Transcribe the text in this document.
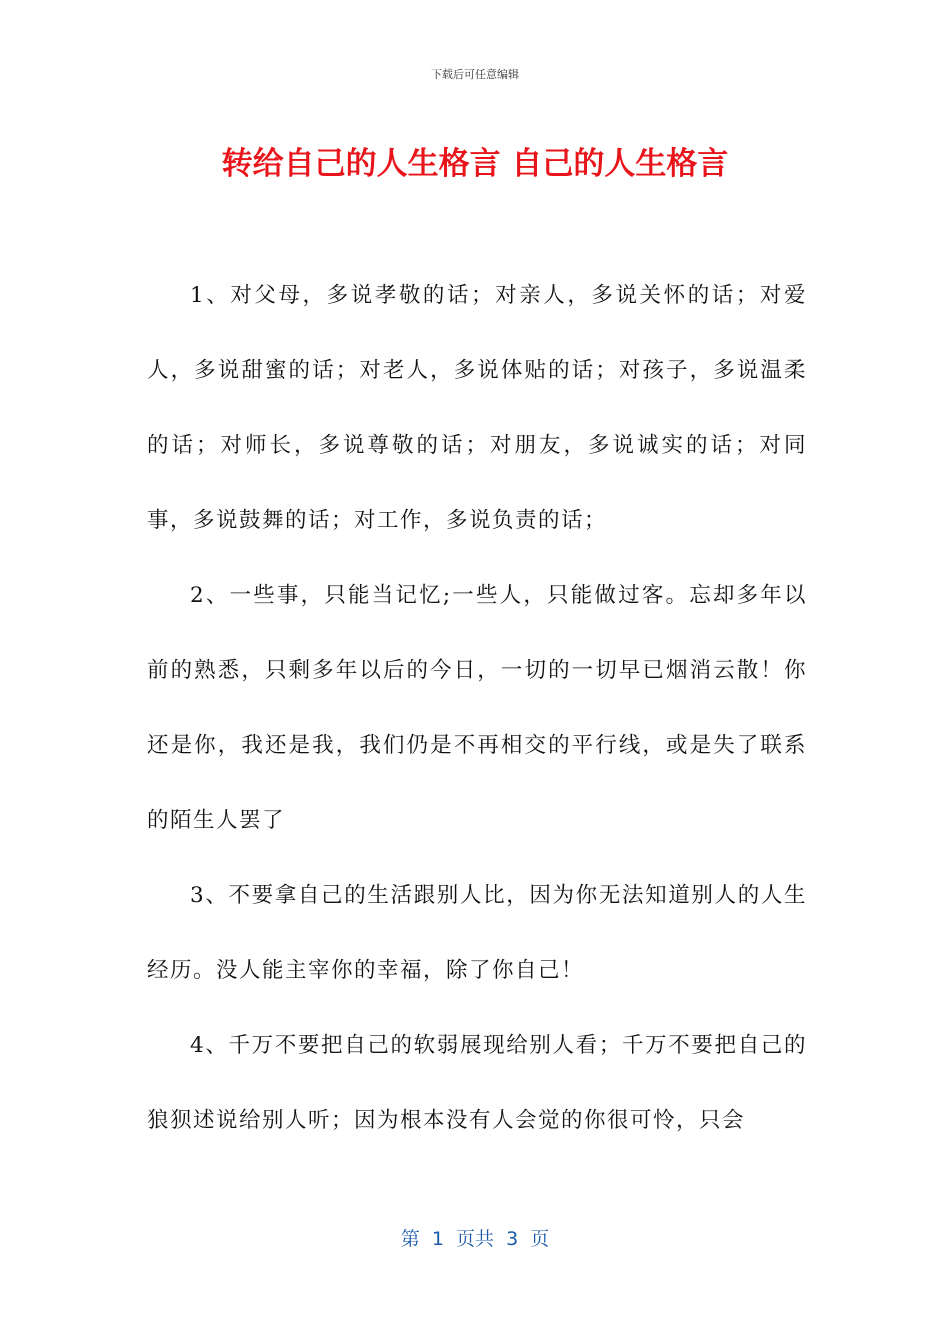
下载后可任意编辑
转给自己的人生格言 自己的人生格言

1、对父母，多说孝敬的话；对亲人，多说关怀的话；对爱人，多说甜蜜的话；对老人，多说体贴的话；对孩子，多说温柔的话；对师长，多说尊敬的话；对朋友，多说诚实的话；对同事，多说鼓舞的话；对工作，多说负责的话；

2、一些事，只能当记忆;一些人，只能做过客。忘却多年以前的熟悉，只剩多年以后的今日，一切的一切早已烟消云散！你还是你，我还是我，我们仍是不再相交的平行线，或是失了联系的陌生人罢了

3、不要拿自己的生活跟别人比，因为你无法知道别人的人生经历。没人能主宰你的幸福，除了你自己！

4、千万不要把自己的软弱展现给别人看；千万不要把自己的狼狈述说给别人听；因为根本没有人会觉的你很可怜，只会

第  1  页共  3  页
